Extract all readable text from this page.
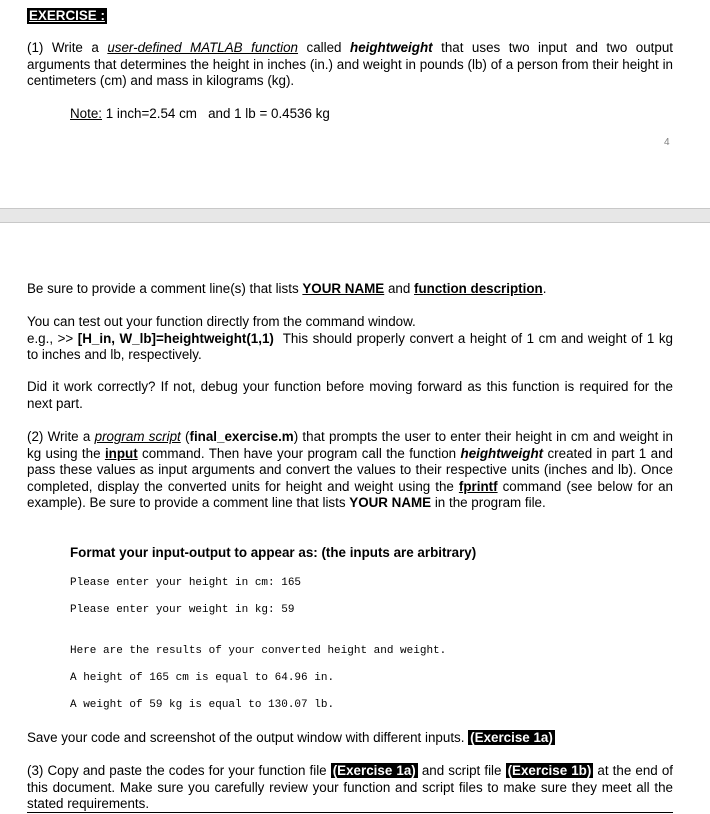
EXERCISE :

(1) Write a user-defined MATLAB function called heightweight that uses two input and two output arguments that determines the height in inches (in.) and weight in pounds (lb) of a person from their height in centimeters (cm) and mass in kilograms (kg).

Note: 1 inch=2.54 cm   and 1 lb = 0.4536 kg

4

Be sure to provide a comment line(s) that lists YOUR NAME and function description.

You can test out your function directly from the command window.
e.g., >> [H_in, W_lb]=heightweight(1,1)  This should properly convert a height of 1 cm and weight of 1 kg to inches and lb, respectively.

Did it work correctly? If not, debug your function before moving forward as this function is required for the next part.

(2) Write a program script (final_exercise.m) that prompts the user to enter their height in cm and weight in kg using the input command. Then have your program call the function heightweight created in part 1 and pass these values as input arguments and convert the values to their respective units (inches and lb). Once completed, display the converted units for height and weight using the fprintf command (see below for an example). Be sure to provide a comment line that lists YOUR NAME in the program file.

Format your input-output to appear as: (the inputs are arbitrary)

Please enter your height in cm: 165
Please enter your weight in kg: 59
Here are the results of your converted height and weight.
A height of 165 cm is equal to 64.96 in.
A weight of 59 kg is equal to 130.07 lb.

Save your code and screenshot of the output window with different inputs. (Exercise 1a)

(3) Copy and paste the codes for your function file (Exercise 1a) and script file (Exercise 1b) at the end of this document. Make sure you carefully review your function and script files to make sure they meet all the stated requirements.
